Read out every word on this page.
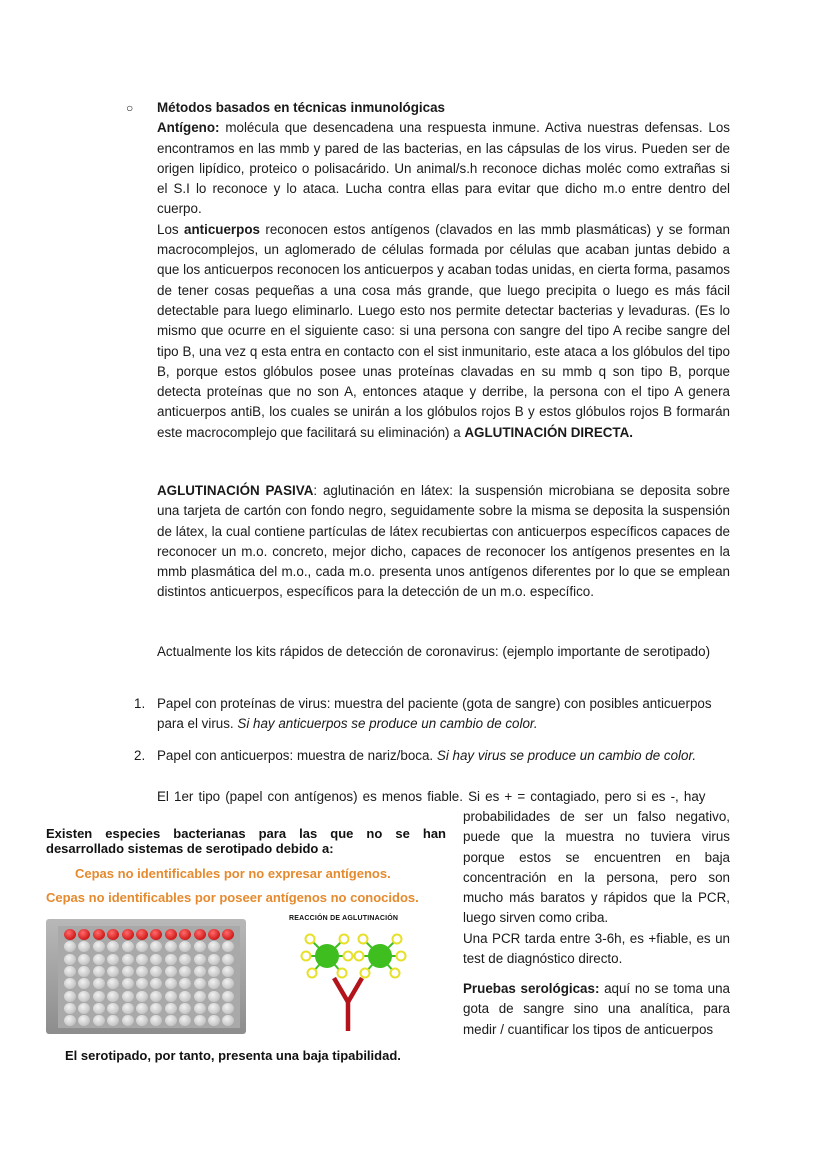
○ Métodos basados en técnicas inmunológicas
Antígeno: molécula que desencadena una respuesta inmune. Activa nuestras defensas. Los encontramos en las mmb y pared de las bacterias, en las cápsulas de los virus. Pueden ser de origen lipídico, proteico o polisacárido. Un animal/s.h reconoce dichas moléc como extrañas si el S.I lo reconoce y lo ataca. Lucha contra ellas para evitar que dicho m.o entre dentro del cuerpo.
Los anticuerpos reconocen estos antígenos (clavados en las mmb plasmáticas) y se forman macrocomplejos, un aglomerado de células formada por células que acaban juntas debido a que los anticuerpos reconocen los anticuerpos y acaban todas unidas, en cierta forma, pasamos de tener cosas pequeñas a una cosa más grande, que luego precipita o luego es más fácil detectable para luego eliminarlo. Luego esto nos permite detectar bacterias y levaduras. (Es lo mismo que ocurre en el siguiente caso: si una persona con sangre del tipo A recibe sangre del tipo B, una vez q esta entra en contacto con el sist inmunitario, este ataca a los glóbulos del tipo B, porque estos glóbulos posee unas proteínas clavadas en su mmb q son tipo B, porque detecta proteínas que no son A, entonces ataque y derribe, la persona con el tipo A genera anticuerpos antiB, los cuales se unirán a los glóbulos rojos B y estos glóbulos rojos B formarán este macrocomplejo que facilitará su eliminación) a AGLUTINACIÓN DIRECTA.
AGLUTINACIÓN PASIVA: aglutinación en látex: la suspensión microbiana se deposita sobre una tarjeta de cartón con fondo negro, seguidamente sobre la misma se deposita la suspensión de látex, la cual contiene partículas de látex recubiertas con anticuerpos específicos capaces de reconocer un m.o. concreto, mejor dicho, capaces de reconocer los antígenos presentes en la mmb plasmática del m.o., cada m.o. presenta unos antígenos diferentes por lo que se emplean distintos anticuerpos, específicos para la detección de un m.o. específico.
Actualmente los kits rápidos de detección de coronavirus: (ejemplo importante de serotipado)
1. Papel con proteínas de virus: muestra del paciente (gota de sangre) con posibles anticuerpos para el virus. Si hay anticuerpos se produce un cambio de color.
2. Papel con anticuerpos: muestra de nariz/boca. Si hay virus se produce un cambio de color.
El 1er tipo (papel con antígenos) es menos fiable. Si es + = contagiado, pero si es -, hay
probabilidades de ser un falso negativo, puede que la muestra no tuviera virus porque estos se encuentren en baja concentración en la persona, pero son mucho más baratos y rápidos que la PCR, luego sirven como criba.
Una PCR tarda entre 3-6h, es +fiable, es un test de diagnóstico directo.
Pruebas serológicas: aquí no se toma una gota de sangre sino una analítica, para medir / cuantificar los tipos de anticuerpos
Existen especies bacterianas para las que no se han desarrollado sistemas de serotipado debido a:
Cepas no identificables por no expresar antígenos.
Cepas no identificables por poseer antígenos no conocidos.
REACCIÓN DE AGLUTINACIÓN
El serotipado, por tanto, presenta una baja tipabilidad.
